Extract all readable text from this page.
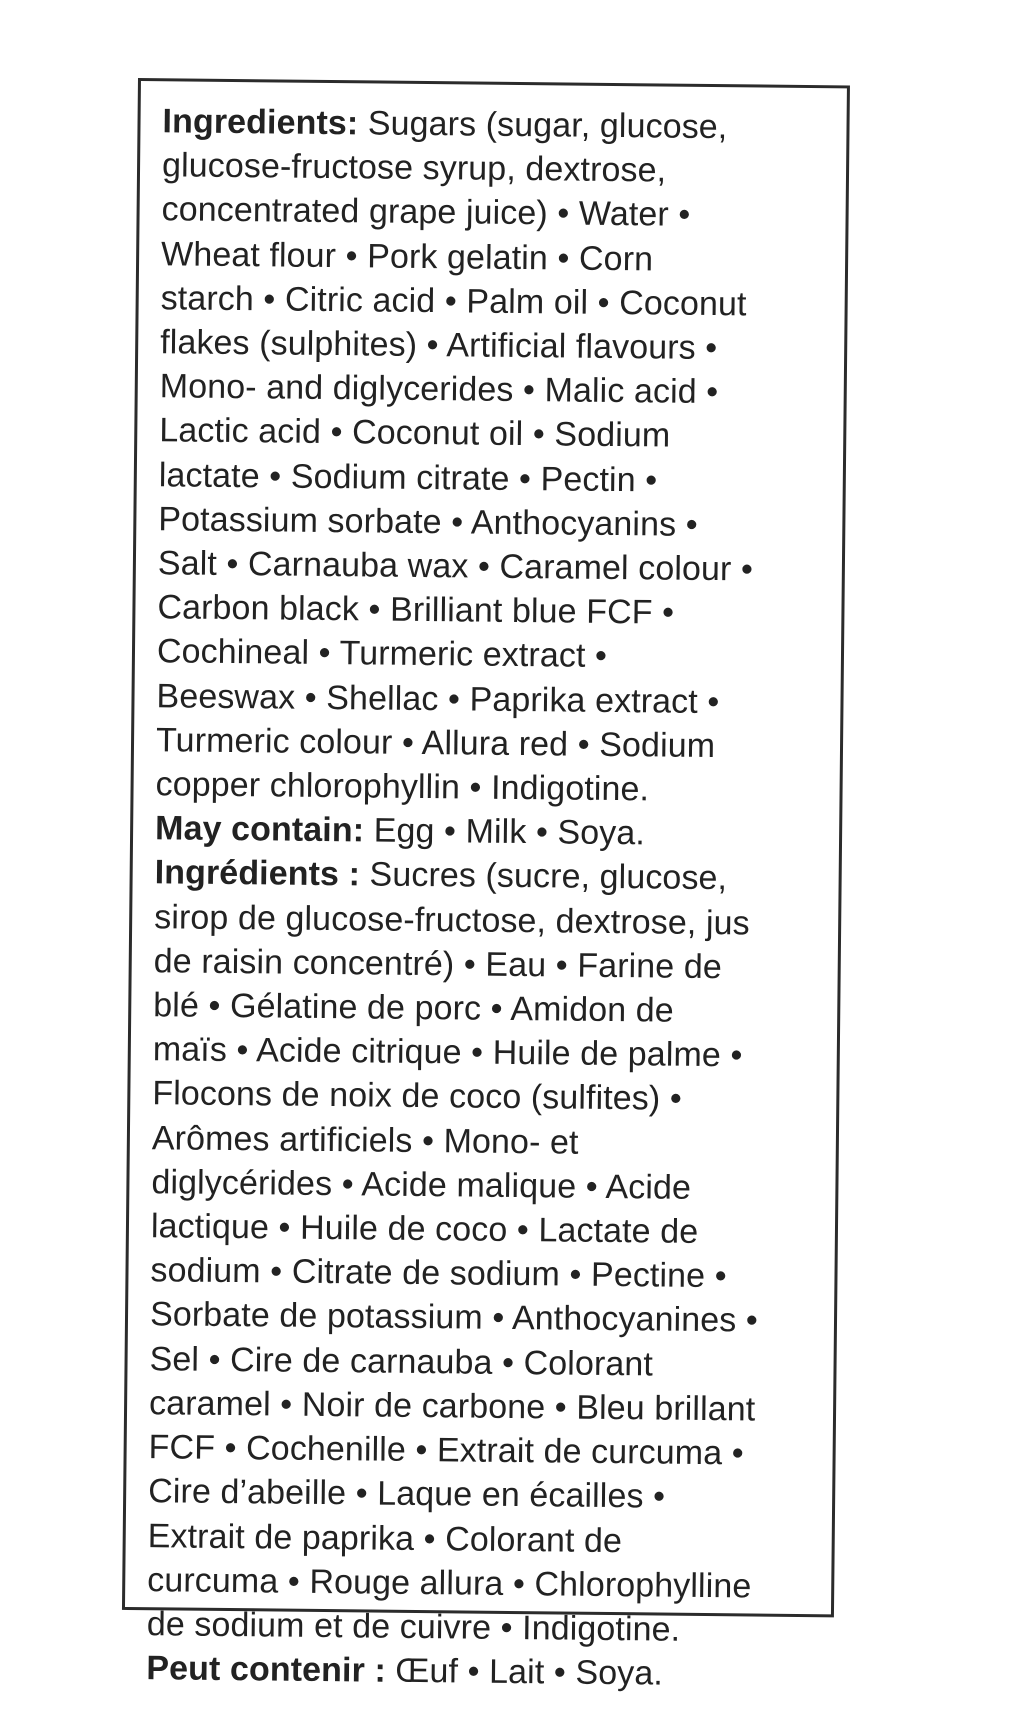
Ingredients: Sugars (sugar, glucose,
glucose-fructose syrup, dextrose,
concentrated grape juice) • Water •
Wheat flour • Pork gelatin • Corn
starch • Citric acid • Palm oil • Coconut
flakes (sulphites) • Artificial flavours •
Mono- and diglycerides • Malic acid •
Lactic acid • Coconut oil • Sodium
lactate • Sodium citrate • Pectin •
Potassium sorbate • Anthocyanins •
Salt • Carnauba wax • Caramel colour •
Carbon black • Brilliant blue FCF •
Cochineal • Turmeric extract •
Beeswax • Shellac • Paprika extract •
Turmeric colour • Allura red • Sodium
copper chlorophyllin • Indigotine.
May contain: Egg • Milk • Soya.
Ingrédients : Sucres (sucre, glucose,
sirop de glucose-fructose, dextrose, jus
de raisin concentré) • Eau • Farine de
blé • Gélatine de porc • Amidon de
maïs • Acide citrique • Huile de palme •
Flocons de noix de coco (sulfites) •
Arômes artificiels • Mono- et
diglycérides • Acide malique • Acide
lactique • Huile de coco • Lactate de
sodium • Citrate de sodium • Pectine •
Sorbate de potassium • Anthocyanines •
Sel • Cire de carnauba • Colorant
caramel • Noir de carbone • Bleu brillant
FCF • Cochenille • Extrait de curcuma •
Cire d’abeille • Laque en écailles •
Extrait de paprika • Colorant de
curcuma • Rouge allura • Chlorophylline
de sodium et de cuivre • Indigotine.
Peut contenir : Œuf • Lait • Soya.
